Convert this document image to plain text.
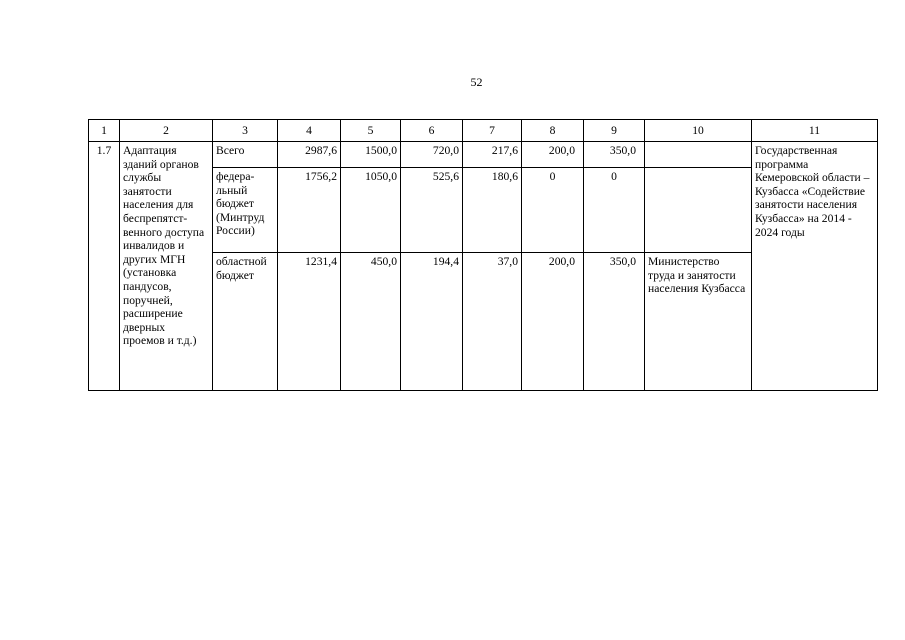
52
1	2	3	4	5	6	7	8	9	10	11
1.7	Адаптация зданий органов службы занятости населения для беспрепятст-венного доступа инвалидов и других МГН (установка пандусов, поручней, расширение дверных проемов и т.д.)	Всего	2987,6	1500,0	720,0	217,6	200,0	350,0		Государственная программа Кемеровской области – Кузбасса «Содействие занятости населения Кузбасса» на 2014 - 2024 годы
		федера-льный бюджет (Минтруд России)	1756,2	1050,0	525,6	180,6	0	0		
		областной бюджет	1231,4	450,0	194,4	37,0	200,0	350,0	Министерство труда и занятости населения Кузбасса	
